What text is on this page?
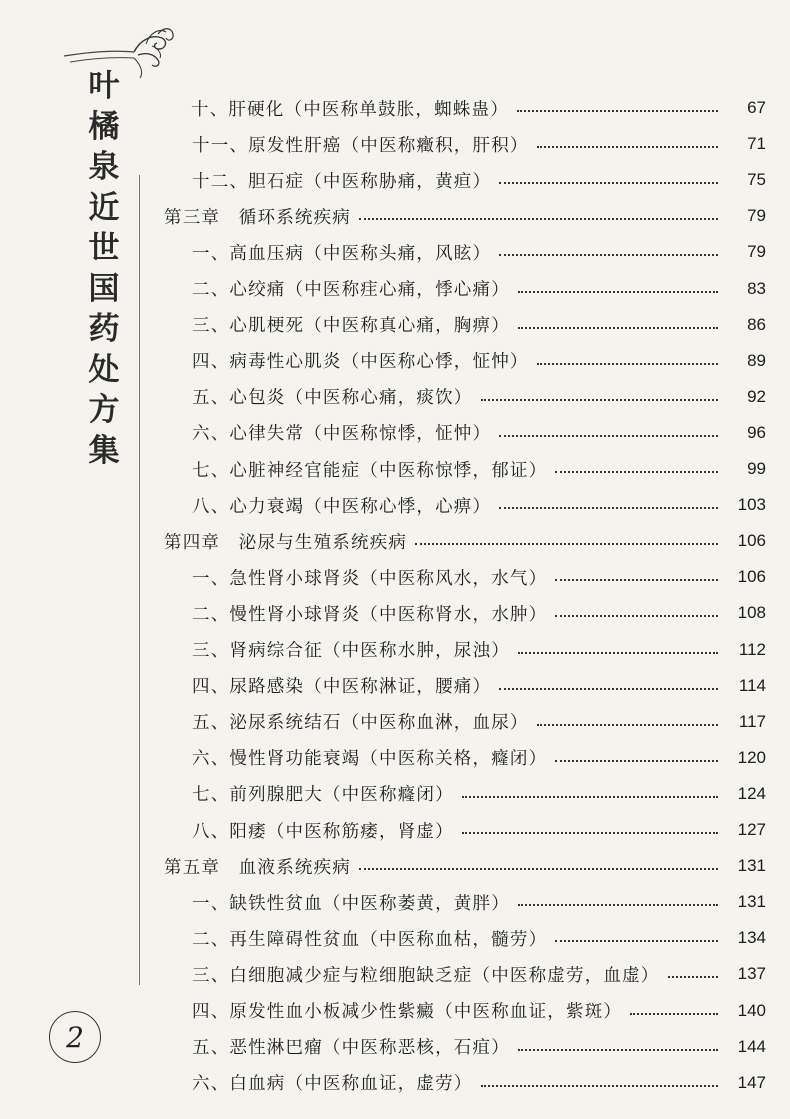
叶橘泉近世国药处方集
十、肝硬化（中医称单鼓胀，蜘蛛蛊）	67
十一、原发性肝癌（中医称癥积，肝积）	71
十二、胆石症（中医称胁痛，黄疸）	75
第三章　循环系统疾病	79
一、高血压病（中医称头痛，风眩）	79
二、心绞痛（中医称疰心痛，悸心痛）	83
三、心肌梗死（中医称真心痛，胸痹）	86
四、病毒性心肌炎（中医称心悸，怔忡）	89
五、心包炎（中医称心痛，痰饮）	92
六、心律失常（中医称惊悸，怔忡）	96
七、心脏神经官能症（中医称惊悸，郁证）	99
八、心力衰竭（中医称心悸，心痹）	103
第四章　泌尿与生殖系统疾病	106
一、急性肾小球肾炎（中医称风水，水气）	106
二、慢性肾小球肾炎（中医称肾水，水肿）	108
三、肾病综合征（中医称水肿，尿浊）	112
四、尿路感染（中医称淋证，腰痛）	114
五、泌尿系统结石（中医称血淋，血尿）	117
六、慢性肾功能衰竭（中医称关格，癃闭）	120
七、前列腺肥大（中医称癃闭）	124
八、阳痿（中医称筋痿，肾虚）	127
第五章　血液系统疾病	131
一、缺铁性贫血（中医称萎黄，黄胖）	131
二、再生障碍性贫血（中医称血枯，髓劳）	134
三、白细胞减少症与粒细胞缺乏症（中医称虚劳，血虚）	137
四、原发性血小板减少性紫癜（中医称血证，紫斑）	140
五、恶性淋巴瘤（中医称恶核，石疽）	144
六、白血病（中医称血证，虚劳）	147
2
